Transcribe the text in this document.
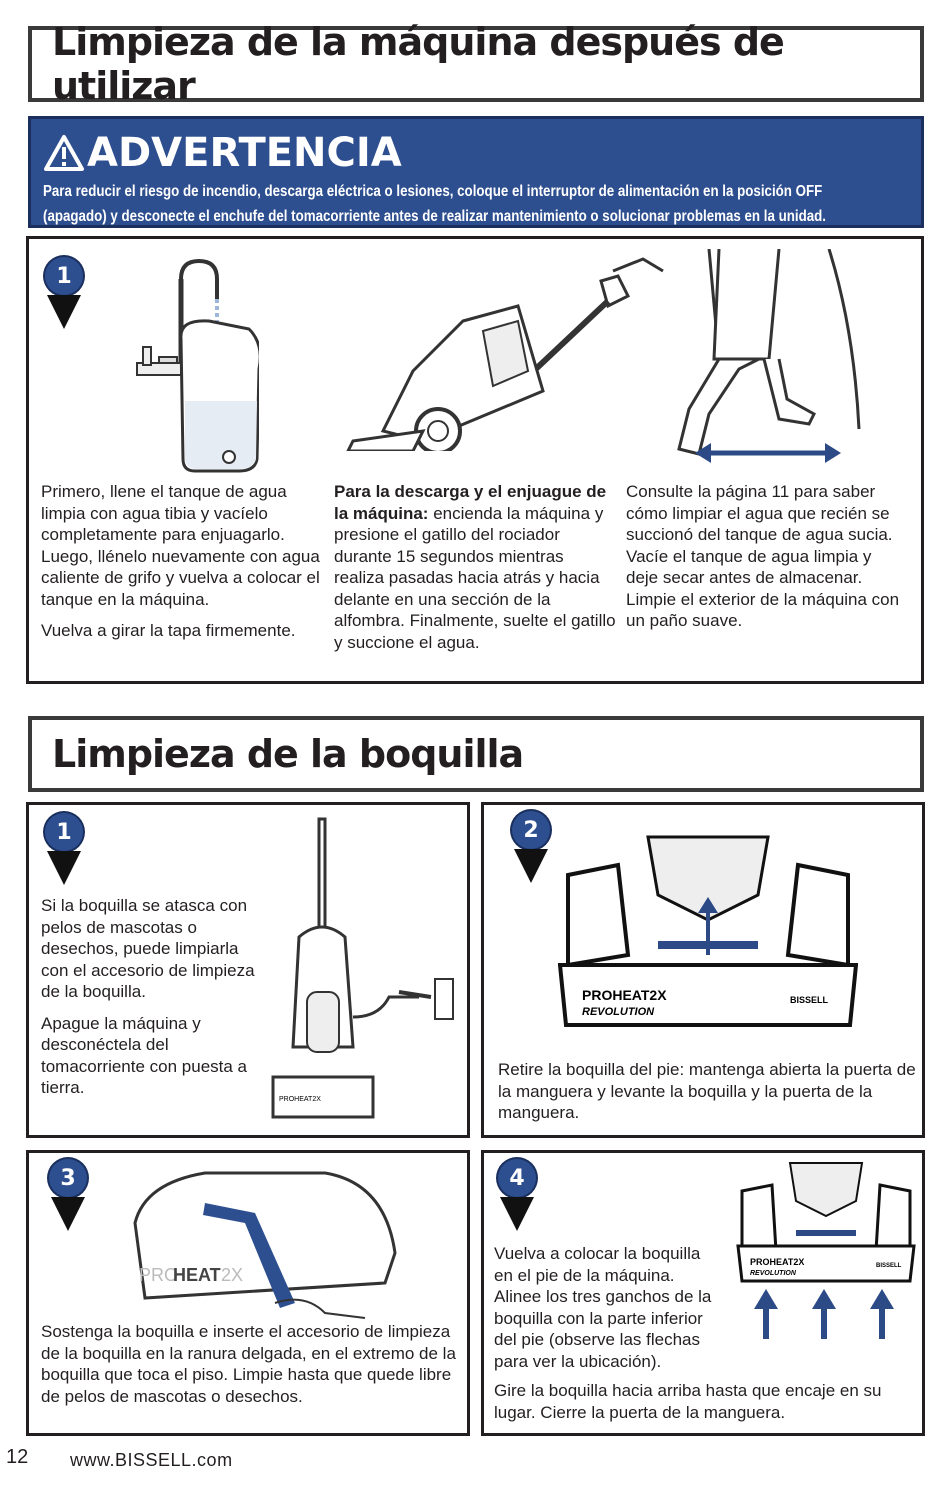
Limpieza de la máquina después de utilizar
ADVERTENCIA
Para reducir el riesgo de incendio, descarga eléctrica o lesiones, coloque el interruptor de alimentación en la posición OFF
(apagado) y desconecte el enchufe del tomacorriente antes de realizar mantenimiento o solucionar problemas en la unidad.
1

Primero, llene el tanque de agua limpia con agua tibia y vacíelo completamente para enjuagarlo. Luego, llénelo nuevamente con agua caliente de grifo y vuelva a colocar el tanque en la máquina.

Vuelva a girar la tapa firmemente.

Para la descarga y el enjuague de la máquina: encienda la máquina y presione el gatillo del rociador durante 15 segundos mientras realiza pasadas hacia atrás y hacia delante en una sección de la alfombra. Finalmente, suelte el gatillo y succione el agua.
Consulte la página 11 para saber cómo limpiar el agua que recién se succionó del tanque de agua sucia. Vacíe el tanque de agua limpia y deje secar antes de almacenar. Limpie el exterior de la máquina con un paño suave.
Limpieza de la boquilla
1

Si la boquilla se atasca con pelos de mascotas o desechos, puede limpiarla con el accesorio de limpieza de la boquilla.

Apague la máquina y desconéctela del tomacorriente con puesta a tierra.

PROHEAT2X
2
PROHEAT2X
REVOLUTION
BISSELL

Retire la boquilla del pie: mantenga abierta la puerta de la manguera y levante la boquilla y la puerta de la manguera.

3
PRO
HEAT 2X

Sostenga la boquilla e inserte el accesorio de limpieza de la boquilla en la ranura delgada, en el extremo de la boquilla que toca el piso. Limpie hasta que quede libre de pelos de mascotas o desechos.

4
PROHEAT2X
REVOLUTION
BISSELL

Vuelva a colocar la boquilla en el pie de la máquina. Alinee los tres ganchos de la boquilla con la parte inferior del pie (observe las flechas para ver la ubicación).

Gire la boquilla hacia arriba hasta que encaje en su lugar. Cierre la puerta de la manguera.

12 www.BISSELL.com
